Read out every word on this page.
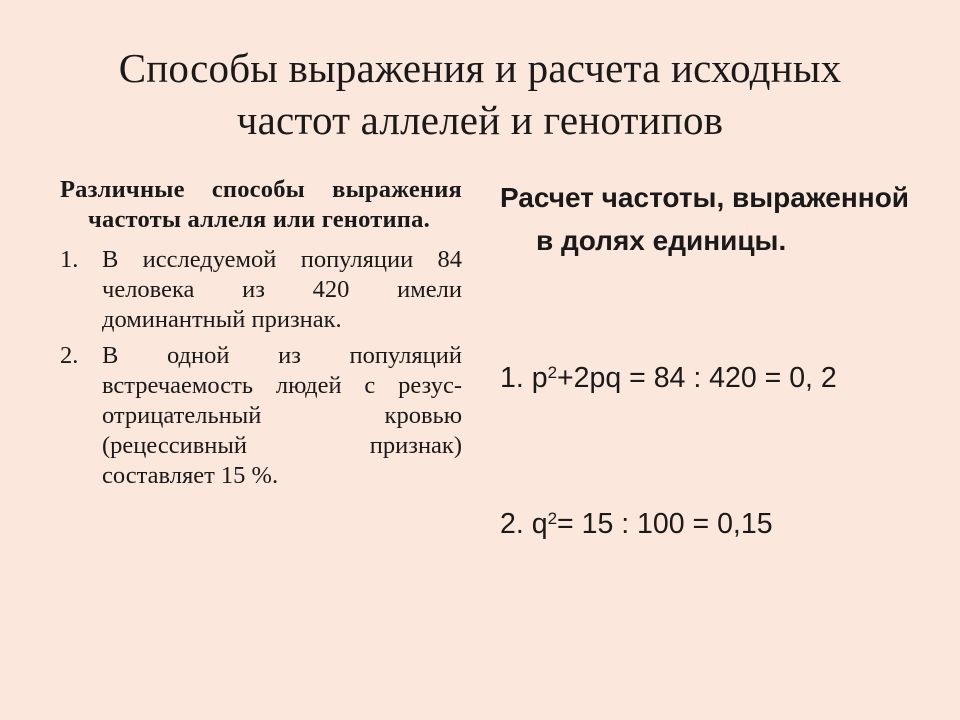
Способы выражения и расчета исходных
частот аллелей и генотипов

Различные способы выражения частоты аллеля или генотипа.

1. В исследуемой популяции 84 человека из 420 имели доминантный признак.
2. В одной из популяций встречаемость людей с резус-отрицательный кровью (рецессивный признак) составляет 15 %.

Расчет частоты, выраженной в долях единицы.

1. $p^2+2pq = 84$ : 420 = 0, 2
2. $q^2= 15$ : 100 = 0,15
